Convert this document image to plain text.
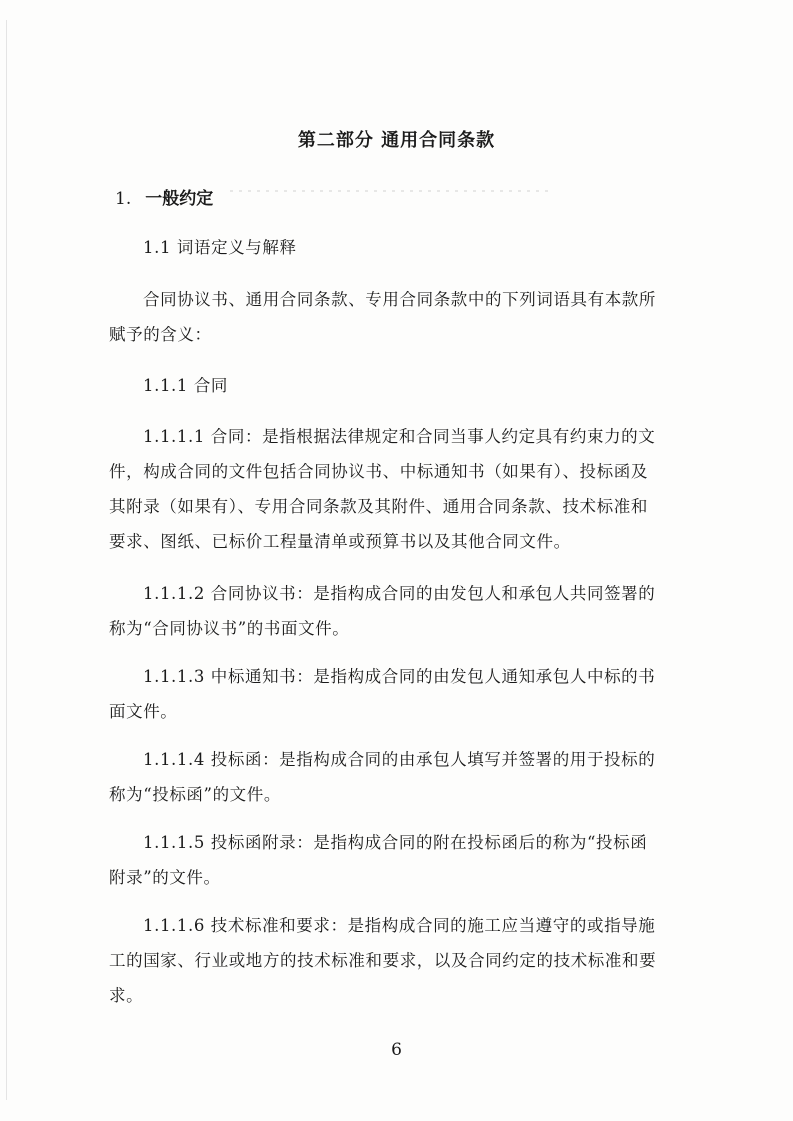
第二部分 通用合同条款
1. 一般约定
1.1 词语定义与解释
合同协议书、通用合同条款、专用合同条款中的下列词语具有本款所
赋予的含义：
1.1.1 合同
1.1.1.1 合同：是指根据法律规定和合同当事人约定具有约束力的文
件，构成合同的文件包括合同协议书、中标通知书（如果有）、投标函及
其附录（如果有）、专用合同条款及其附件、通用合同条款、技术标准和
要求、图纸、已标价工程量清单或预算书以及其他合同文件。
1.1.1.2 合同协议书：是指构成合同的由发包人和承包人共同签署的
称为“合同协议书”的书面文件。
1.1.1.3 中标通知书：是指构成合同的由发包人通知承包人中标的书
面文件。
1.1.1.4 投标函：是指构成合同的由承包人填写并签署的用于投标的
称为“投标函”的文件。
1.1.1.5 投标函附录：是指构成合同的附在投标函后的称为“投标函
附录”的文件。
1.1.1.6 技术标准和要求：是指构成合同的施工应当遵守的或指导施
工的国家、行业或地方的技术标准和要求，以及合同约定的技术标准和要
求。
6
